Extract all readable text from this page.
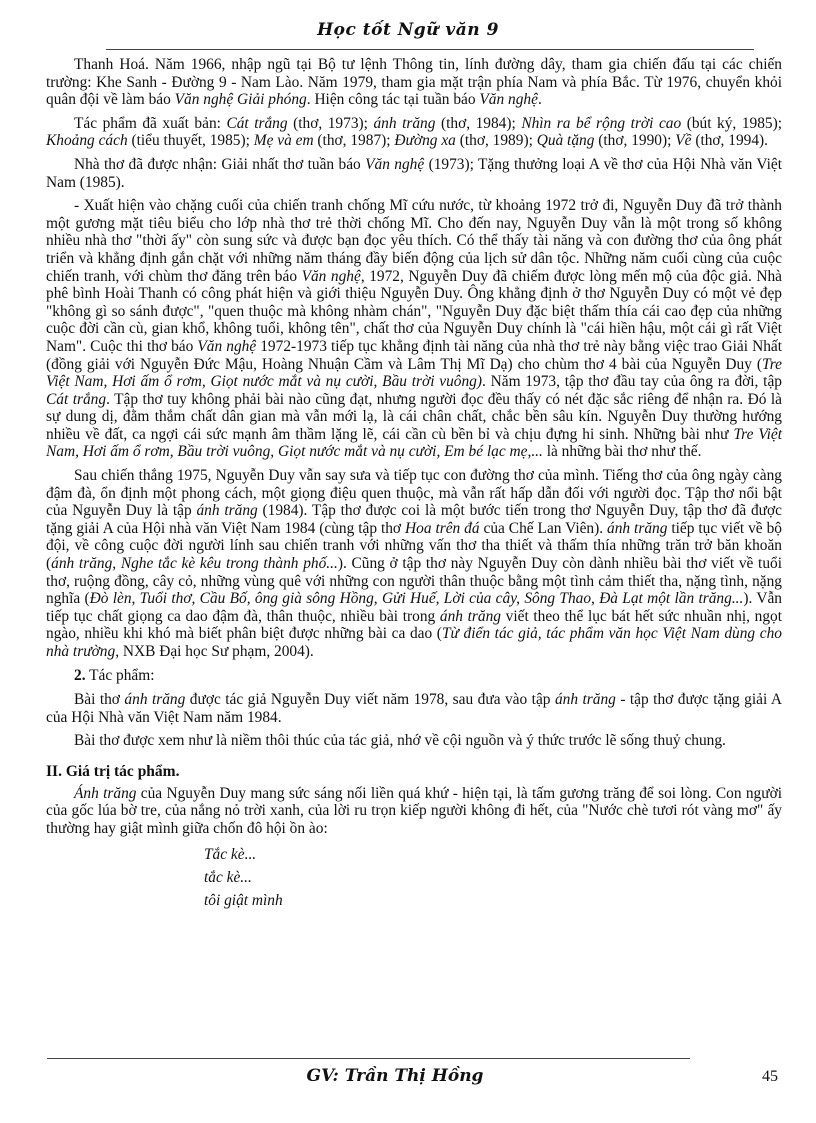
Học tốt Ngữ văn 9

Thanh Hoá. Năm 1966, nhập ngũ tại Bộ tư lệnh Thông tin, lính đường dây, tham gia chiến đấu tại các chiến trường: Khe Sanh - Đường 9 - Nam Lào. Năm 1979, tham gia mặt trận phía Nam và phía Bắc. Từ 1976, chuyển khỏi quân đội về làm báo Văn nghệ Giải phóng. Hiện công tác tại tuần báo Văn nghệ.

Tác phẩm đã xuất bản: Cát trắng (thơ, 1973); ánh trăng (thơ, 1984); Nhìn ra bể rộng trời cao (bút ký, 1985); Khoảng cách (tiểu thuyết, 1985); Mẹ và em (thơ, 1987); Đường xa (thơ, 1989); Quà tặng (thơ, 1990); Về (thơ, 1994).

Nhà thơ đã được nhận: Giải nhất thơ tuần báo Văn nghệ (1973); Tặng thưởng loại A về thơ của Hội Nhà văn Việt Nam (1985).

- Xuất hiện vào chặng cuối của chiến tranh chống Mĩ cứu nước, từ khoảng 1972 trở đi, Nguyễn Duy đã trở thành một gương mặt tiêu biểu cho lớp nhà thơ trẻ thời chống Mĩ. Cho đến nay, Nguyễn Duy vẫn là một trong số không nhiều nhà thơ "thời ấy" còn sung sức và được bạn đọc yêu thích. Có thể thấy tài năng và con đường thơ của ông phát triển và khẳng định gắn chặt với những năm tháng đầy biến động của lịch sử dân tộc. Những năm cuối cùng của cuộc chiến tranh, với chùm thơ đăng trên báo Văn nghệ, 1972, Nguyễn Duy đã chiếm được lòng mến mộ của độc giả. Nhà phê bình Hoài Thanh có công phát hiện và giới thiệu Nguyễn Duy. Ông khẳng định ở thơ Nguyễn Duy có một vẻ đẹp "không gì so sánh được", "quen thuộc mà không nhàm chán", "Nguyễn Duy đặc biệt thấm thía cái cao đẹp của những cuộc đời cần cù, gian khổ, không tuổi, không tên", chất thơ của Nguyễn Duy chính là "cái hiền hậu, một cái gì rất Việt Nam". Cuộc thi thơ báo Văn nghệ 1972-1973 tiếp tục khẳng định tài năng của nhà thơ trẻ này bằng việc trao Giải Nhất (đồng giải với Nguyễn Đức Mậu, Hoàng Nhuận Cầm và Lâm Thị Mĩ Dạ) cho chùm thơ 4 bài của Nguyễn Duy (Tre Việt Nam, Hơi ấm ổ rơm, Giọt nước mắt và nụ cười, Bầu trời vuông). Năm 1973, tập thơ đầu tay của ông ra đời, tập Cát trắng. Tập thơ tuy không phải bài nào cũng đạt, nhưng người đọc đều thấy có nét đặc sắc riêng để nhận ra. Đó là sự dung dị, đằm thắm chất dân gian mà vẫn mới lạ, là cái chân chất, chắc bền sâu kín. Nguyễn Duy thường hướng nhiều về đất, ca ngợi cái sức mạnh âm thầm lặng lẽ, cái cần cù bền bỉ và chịu đựng hi sinh. Những bài như Tre Việt Nam, Hơi ấm ổ rơm, Bầu trời vuông, Giọt nước mắt và nụ cười, Em bé lạc mẹ,... là những bài thơ như thế.

Sau chiến thắng 1975, Nguyễn Duy vẫn say sưa và tiếp tục con đường thơ của mình. Tiếng thơ của ông ngày càng đậm đà, ổn định một phong cách, một giọng điệu quen thuộc, mà vẫn rất hấp dẫn đối với người đọc. Tập thơ nổi bật của Nguyễn Duy là tập ánh trăng (1984). Tập thơ được coi là một bước tiến trong thơ Nguyễn Duy, tập thơ đã được tặng giải A của Hội nhà văn Việt Nam 1984 (cùng tập thơ Hoa trên đá của Chế Lan Viên). ánh trăng tiếp tục viết về bộ đội, về công cuộc đời người lính sau chiến tranh với những vấn thơ tha thiết và thấm thía những trăn trở băn khoăn (ánh trăng, Nghe tắc kè kêu trong thành phố...). Cũng ở tập thơ này Nguyễn Duy còn dành nhiều bài thơ viết về tuổi thơ, ruộng đồng, cây cỏ, những vùng quê với những con người thân thuộc bằng một tình cảm thiết tha, nặng tình, nặng nghĩa (Đò lèn, Tuổi thơ, Cầu Bố, ông già sông Hồng, Gửi Huế, Lời của cây, Sông Thao, Đà Lạt một lần trăng...). Vẫn tiếp tục chất giọng ca dao đậm đà, thân thuộc, nhiều bài trong ánh trăng viết theo thể lục bát hết sức nhuần nhị, ngọt ngào, nhiều khi khó mà biết phân biệt được những bài ca dao (Từ điển tác giả, tác phẩm văn học Việt Nam dùng cho nhà trường, NXB Đại học Sư phạm, 2004).

2. Tác phẩm:

Bài thơ ánh trăng được tác giả Nguyễn Duy viết năm 1978, sau đưa vào tập ánh trăng - tập thơ được tặng giải A của Hội Nhà văn Việt Nam năm 1984.

Bài thơ được xem như là niềm thôi thúc của tác giả, nhớ về cội nguồn và ý thức trước lẽ sống thuỷ chung.

II. Giá trị tác phẩm.

Ánh trăng của Nguyễn Duy mang sức sáng nối liền quá khứ - hiện tại, là tấm gương trăng để soi lòng. Con người của gốc lúa bờ tre, của nắng nỏ trời xanh, của lời ru trọn kiếp người không đi hết, của "Nước chè tươi rót vàng mơ" ấy thường hay giật mình giữa chốn đô hội ồn ào:

Tắc kè...
tắc kè...
tôi giật mình
GV: Trần Thị Hồng	45
